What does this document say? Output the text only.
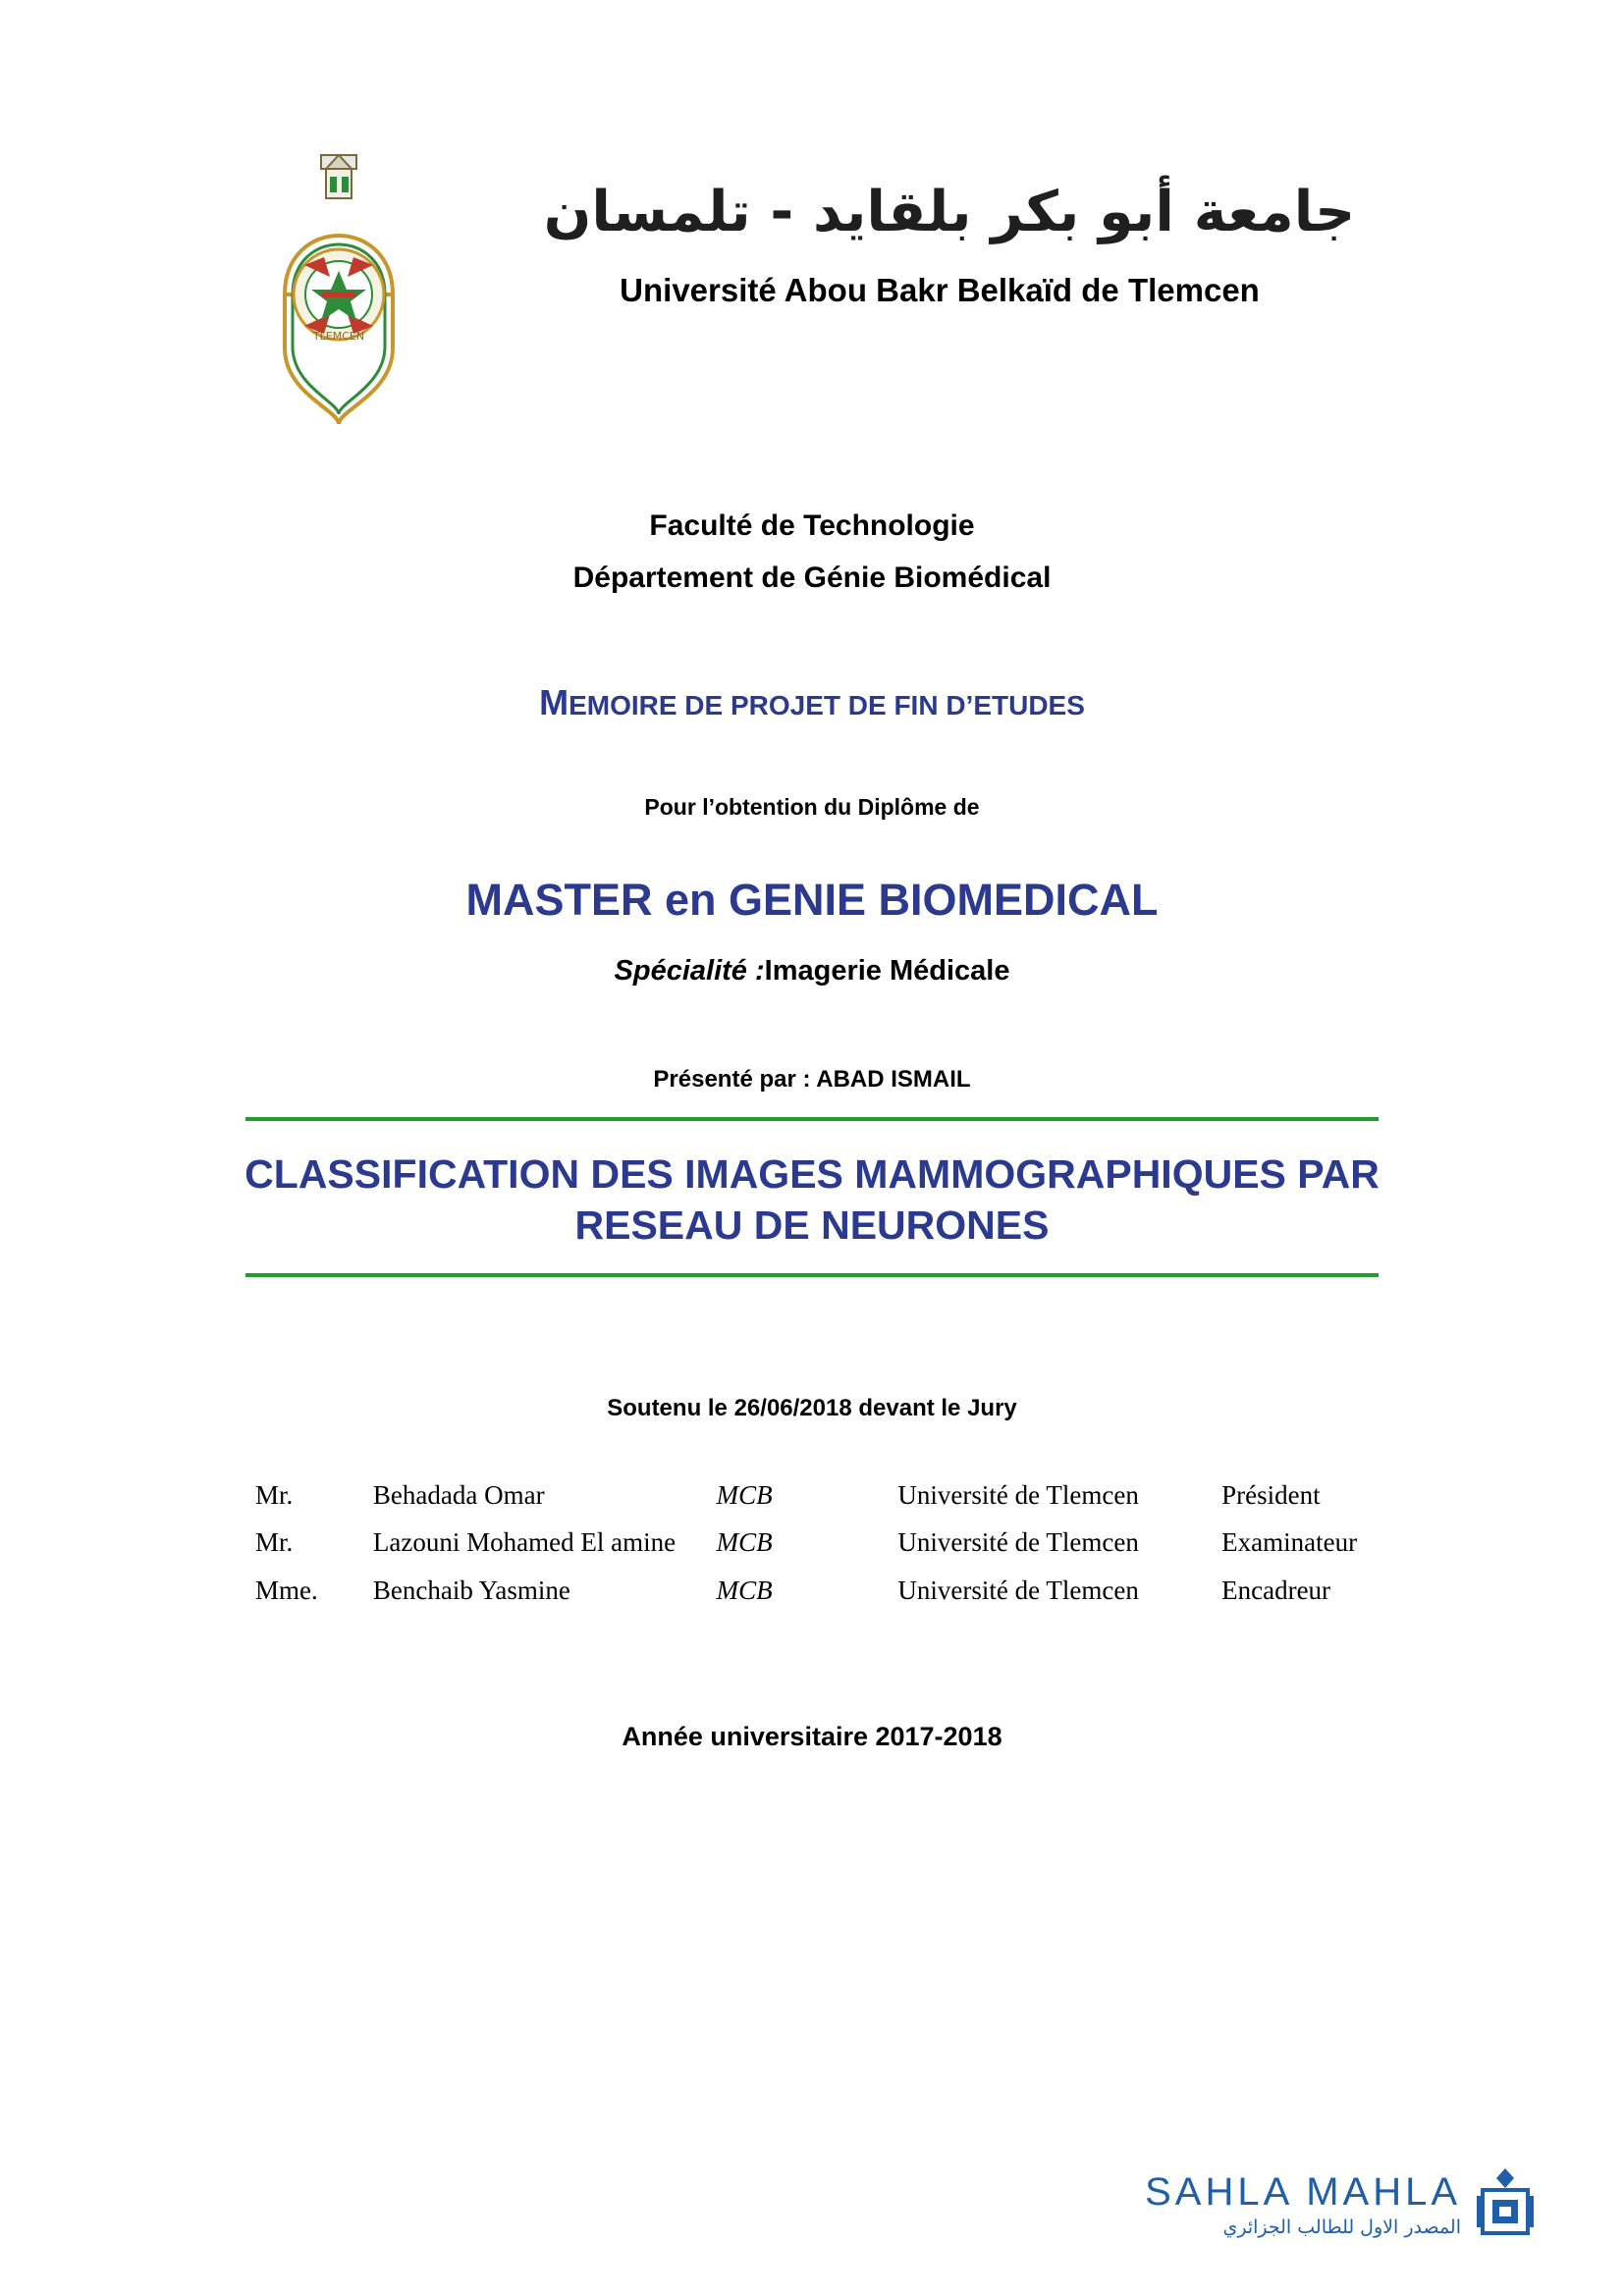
TLEMCEN
جامعة أبو بكر بلقايد - تلمسان
Université Abou Bakr Belkaïd de Tlemcen
Faculté de Technologie
Département de Génie Biomédical
MEMOIRE DE PROJET DE FIN D’ETUDES
Pour l’obtention du Diplôme de
MASTER en GENIE BIOMEDICAL
Spécialité :Imagerie Médicale
Présenté par : ABAD ISMAIL
CLASSIFICATION DES IMAGES MAMMOGRAPHIQUES PAR RESEAU DE NEURONES
Soutenu le 26/06/2018 devant le Jury
Mr.	Behadada Omar	MCB	Université de Tlemcen	Président
Mr.	Lazouni Mohamed El amine	MCB	Université de Tlemcen	Examinateur
Mme.	Benchaib Yasmine	MCB	Université de Tlemcen	Encadreur
Année universitaire 2017-2018
SAHLA MAHLA
المصدر الاول للطالب الجزائري
